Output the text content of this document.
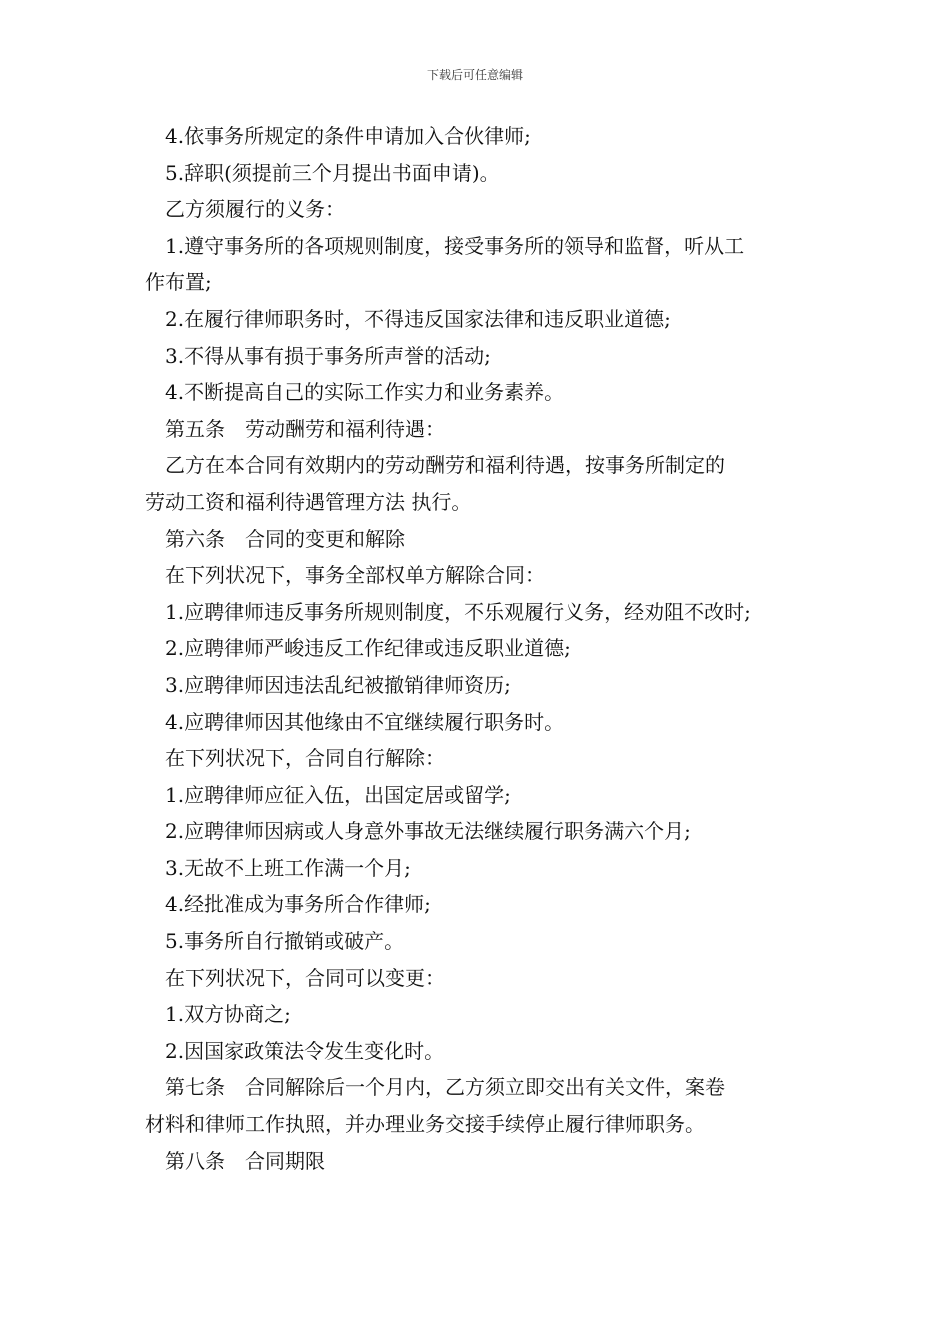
下载后可任意编辑
4.依事务所规定的条件申请加入合伙律师;
5.辞职(须提前三个月提出书面申请)。
乙方须履行的义务：
1.遵守事务所的各项规则制度，接受事务所的领导和监督，听从工
作布置;
2.在履行律师职务时，不得违反国家法律和违反职业道德;
3.不得从事有损于事务所声誉的活动;
4.不断提高自己的实际工作实力和业务素养。
第五条　劳动酬劳和福利待遇：
乙方在本合同有效期内的劳动酬劳和福利待遇，按事务所制定的
劳动工资和福利待遇管理方法 执行。
第六条　合同的变更和解除
在下列状况下，事务全部权单方解除合同：
1.应聘律师违反事务所规则制度，不乐观履行义务，经劝阻不改时;
2.应聘律师严峻违反工作纪律或违反职业道德;
3.应聘律师因违法乱纪被撤销律师资历;
4.应聘律师因其他缘由不宜继续履行职务时。
在下列状况下，合同自行解除：
1.应聘律师应征入伍，出国定居或留学;
2.应聘律师因病或人身意外事故无法继续履行职务满六个月;
3.无故不上班工作满一个月;
4.经批准成为事务所合作律师;
5.事务所自行撤销或破产。
在下列状况下，合同可以变更：
1.双方协商之;
2.因国家政策法令发生变化时。
第七条　合同解除后一个月内，乙方须立即交出有关文件，案卷
材料和律师工作执照，并办理业务交接手续停止履行律师职务。
第八条　合同期限
